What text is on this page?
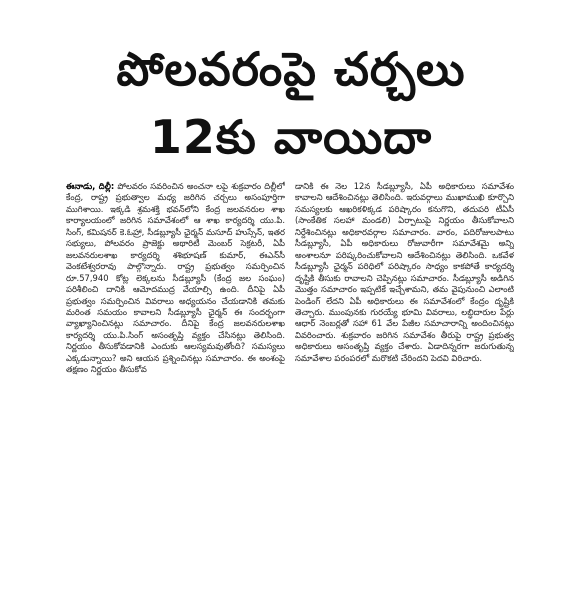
పోలవరంపై చర్చలు
12కు వాయిదా

ఈనాడు, దిల్లీ: పోలవరం సవరించిన అంచనా లపై శుక్రవారం దిల్లీలో కేంద్ర, రాష్ట్ర ప్రభుత్వాల మధ్య జరిగిన చర్చలు అసంపూర్తిగా ముగిశాయి. ఇక్కడి శ్రమశక్తి భవన్‌లోని కేంద్ర జలవనరుల శాఖ కార్యాలయంలో జరిగిన సమావేశంలో ఆ శాఖ కార్యదర్శి యు.పి. సింగ్, కమిషనర్ కె.ఓహ్రా, సీడబ్ల్యూసీ ఛైర్మన్ మసూద్ హుస్సేన్, ఇతర సభ్యులు, పోలవరం ప్రాజెక్టు అథారిటీ మెంబర్ సెక్రటరీ, ఏపీ జలవనరులశాఖ కార్యదర్శి శశిభూషణ్ కుమార్, ఈఎన్‌సీ వెంకటేశ్వరరావు పాల్గొన్నారు. రాష్ట్ర ప్రభుత్వం సమర్పించిన రూ.57,940 కోట్ల లెక్కలను సీడబ్ల్యూసీ (కేంద్ర జల సంఘం) పరిశీలించి దానికి ఆమోదముద్ర వేయాల్సి ఉంది. దీనిపై ఏపీ ప్రభుత్వం సమర్పించిన వివరాలు అధ్యయనం చేయడానికి తమకు మరింత సమయం కావాలని సీడబ్ల్యూసీ ఛైర్మన్ ఈ సందర్భంగా వ్యాఖ్యానించినట్లు సమాచారం. దీనిపై కేంద్ర జలవనరులశాఖ కార్యదర్శి యు.పి.సింగ్ అసంతృప్తి వ్యక్తం చేసినట్లు తెలిసింది. నిర్ణయం తీసుకోవడానికి ఎందుకు ఆలస్యమవుతోంది? సమస్యలు ఎక్కడున్నాయి? అని ఆయన ప్రశ్నించినట్లు సమాచారం. ఈ అంశంపై తక్షణం నిర్ణయం తీసుకోవ

డానికి ఈ నెల 12న సీడబ్ల్యూసీ, ఏపీ అధికారులు సమావేశం కావాలని ఆదేశించినట్లు తెలిసింది. ఇరువర్గాలు ముఖాముఖి కూర్చొని సమస్యలకు ఆఖరికళిక్కడ పరిష్కారం కనుగొని, తదుపరి టీఏసీ (సాంకేతిక సలహా మండలి) ఏర్పాటుపై నిర్ణయం తీసుకోవాలని నిర్దేశించినట్లు అధికారవర్గాల సమాచారం. వారం, పదిరోజులపాటు సీడబ్ల్యూసీ, ఏపీ అధికారులు రోజువారీగా సమావేశమై అన్ని అంశాలనూ పరిష్కరించుకోవాలని ఆదేశించినట్లు తెలిసింది. ఒకవేళ సీడబ్ల్యూసీ ఛైర్మన్ పరిధిలో పరిష్కారం సాధ్యం కాకపోతే కార్యదర్శి దృష్టికి తీసుకు రావాలని చెప్పినట్లు సమాచారం. సీడబ్ల్యూసీ అడిగిన మొత్తం సమాచారం ఇప్పటికే ఇచ్చేశామని, తమ వైపునుంచి ఎలాంటి పెండింగ్ లేదని ఏపీ అధికారులు ఈ సమావేశంలో కేంద్రం దృష్టికి తెచ్చారు. ముంపునకు గురయ్యే భూమి వివరాలు, లబ్ధిదారుల పేర్లు ఆధార్ నెంబర్లతో సహా 61 వేల పేజీల సమాచారాన్ని అందించినట్లు వివరించారు. శుక్రవారం జరిగిన సమావేశం తీరుపై రాష్ట్ర ప్రభుత్వ అధికారులు అసంతృప్తి వ్యక్తం చేశారు. ఏడాదిన్నరగా జరుగుతున్న సమావేశాల పరంపరలో మరొకటి చేరిందని పెదవి విరిచారు.
